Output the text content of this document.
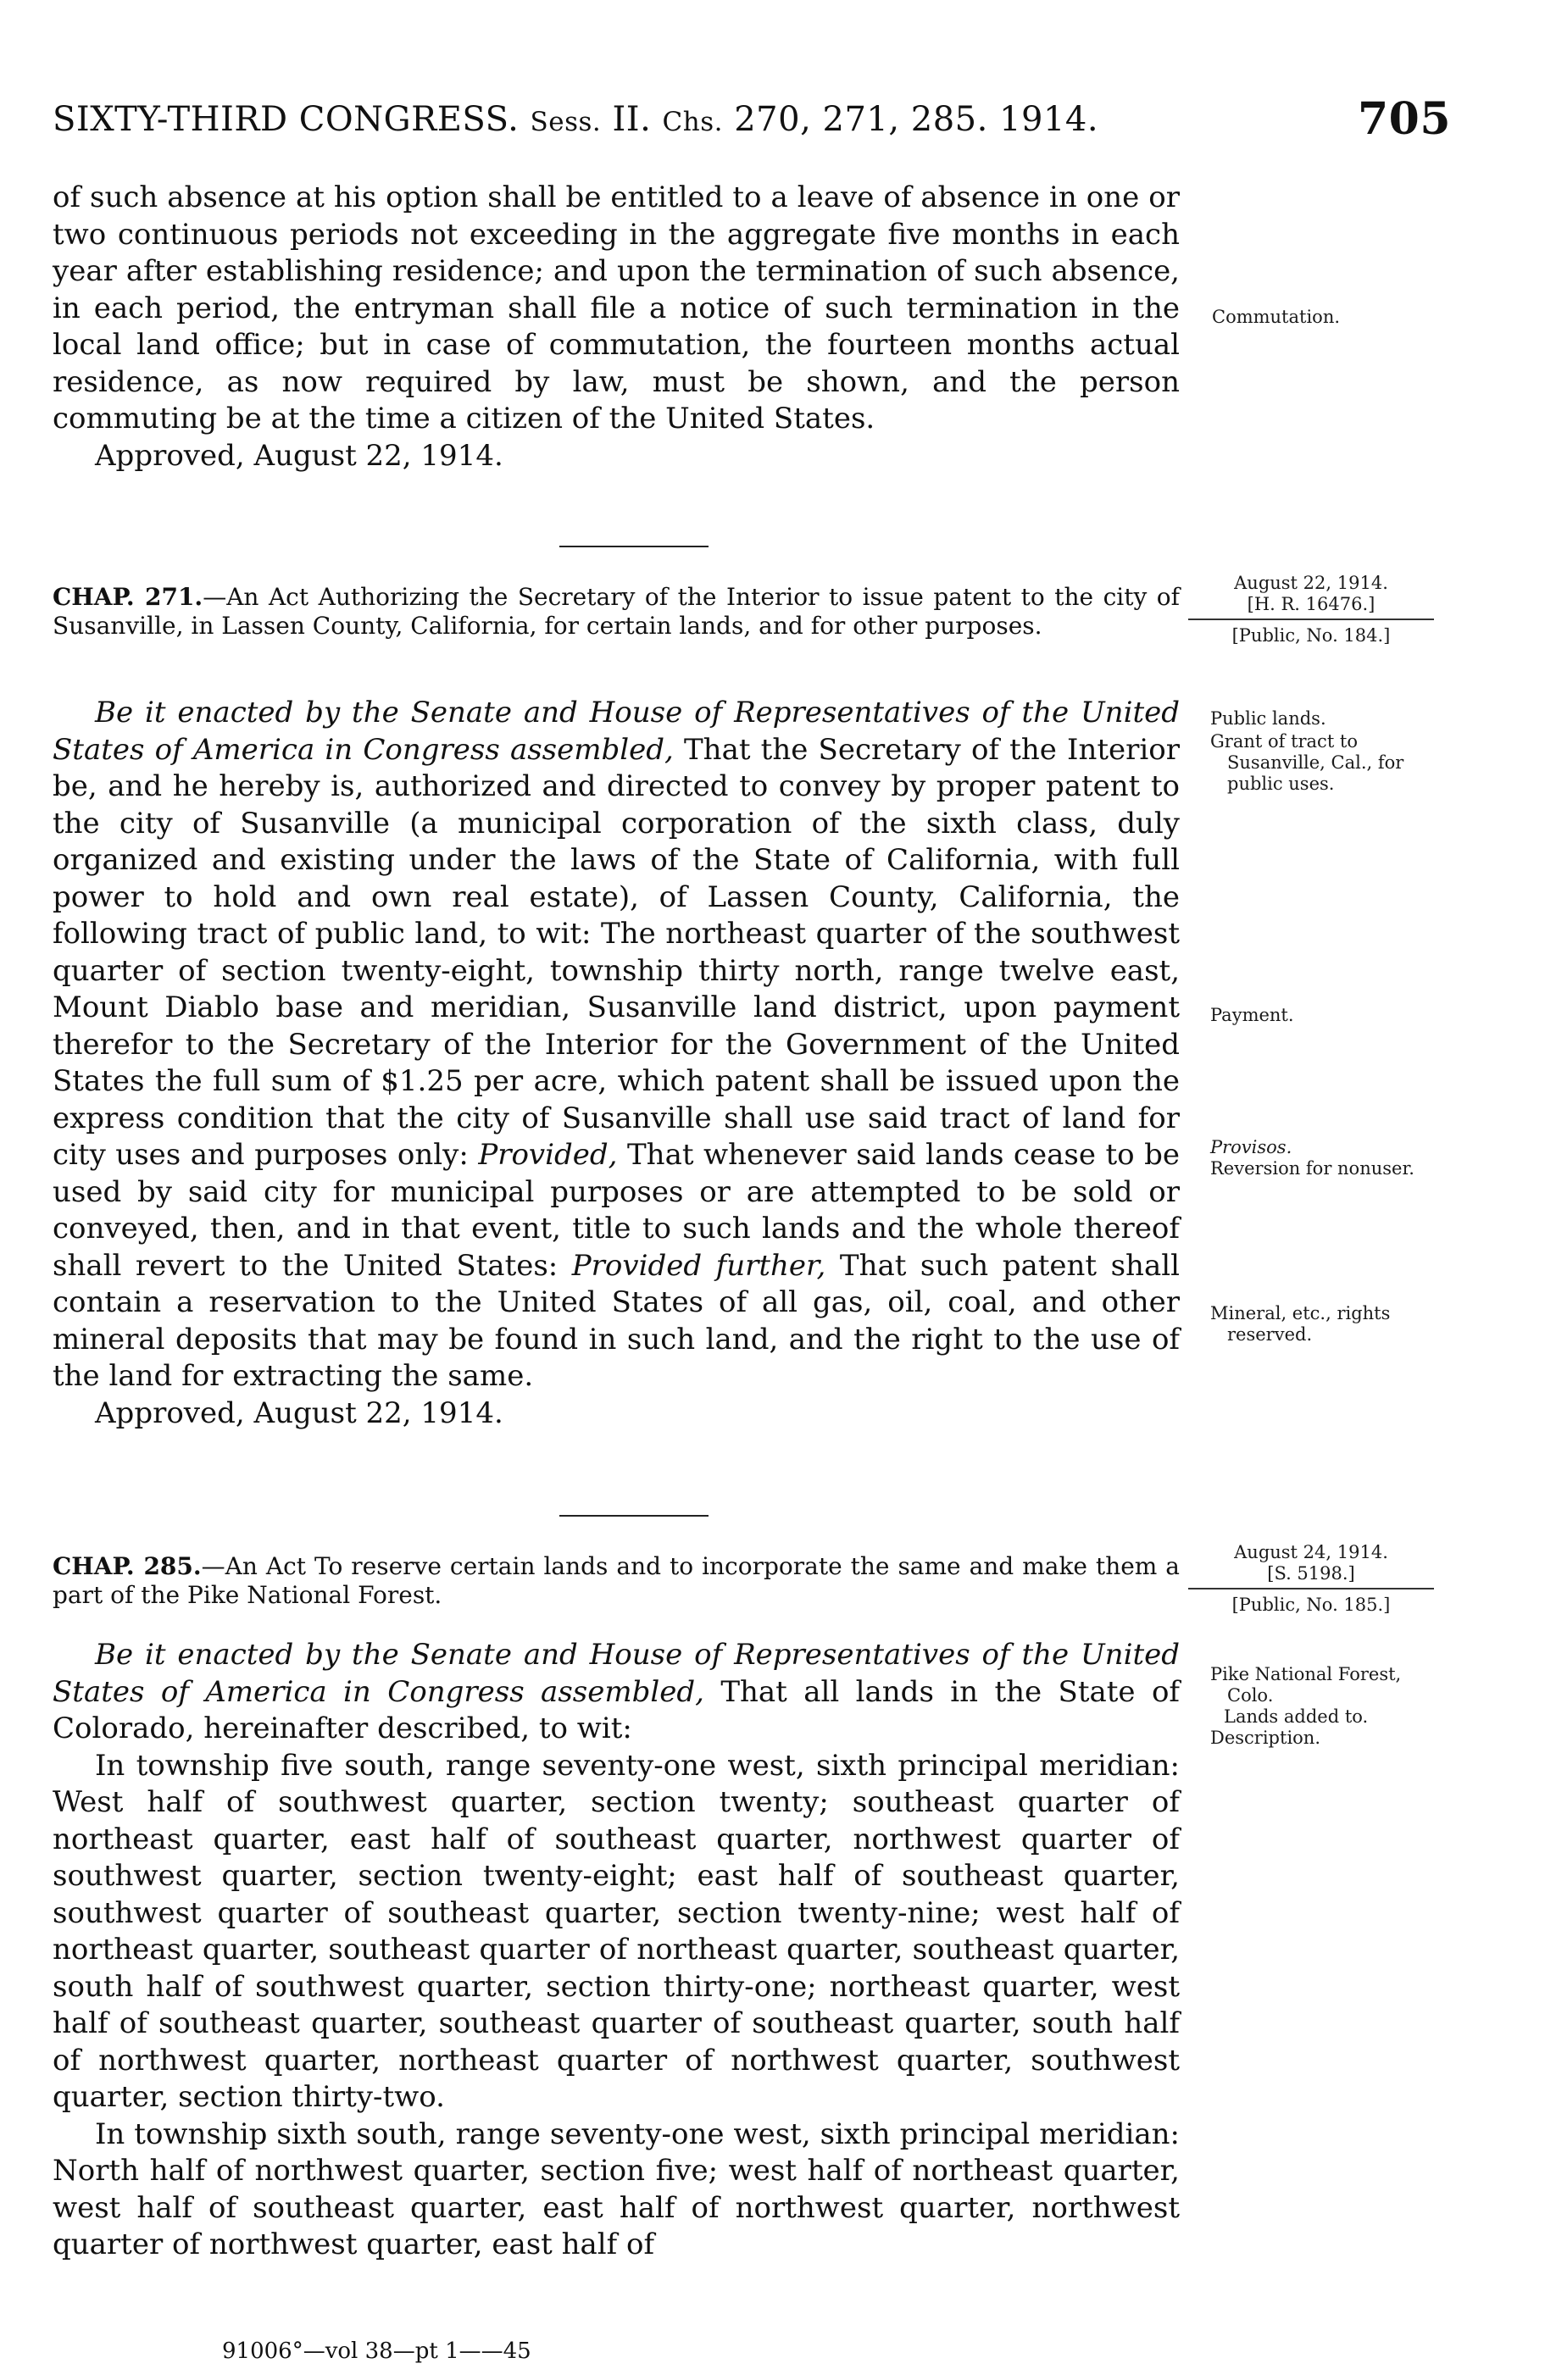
SIXTY-THIRD CONGRESS. Sess. II. Chs. 270, 271, 285. 1914.	705

of such absence at his option shall be entitled to a leave of absence in one or two continuous periods not exceeding in the aggregate five months in each year after establishing residence; and upon the termination of such absence, in each period, the entryman shall file a notice of such termination in the local land office; but in case of commutation, the fourteen months actual residence, as now required by law, must be shown, and the person commuting be at the time a citizen of the United States.

Approved, August 22, 1914.

Commutation.
CHAP. 271.—An Act Authorizing the Secretary of the Interior to issue patent to the city of Susanville, in Lassen County, California, for certain lands, and for other purposes.
August 22, 1914.
[H. R. 16476.]
[Public, No. 184.]

Be it enacted by the Senate and House of Representatives of the United States of America in Congress assembled, That the Secretary of the Interior be, and he hereby is, authorized and directed to convey by proper patent to the city of Susanville (a municipal corporation of the sixth class, duly organized and existing under the laws of the State of California, with full power to hold and own real estate), of Lassen County, California, the following tract of public land, to wit: The northeast quarter of the southwest quarter of section twenty-eight, township thirty north, range twelve east, Mount Diablo base and meridian, Susanville land district, upon payment therefor to the Secretary of the Interior for the Government of the United States the full sum of $1.25 per acre, which patent shall be issued upon the express condition that the city of Susanville shall use said tract of land for city uses and purposes only: Provided, That whenever said lands cease to be used by said city for municipal purposes or are attempted to be sold or conveyed, then, and in that event, title to such lands and the whole thereof shall revert to the United States: Provided further, That such patent shall contain a reservation to the United States of all gas, oil, coal, and other mineral deposits that may be found in such land, and the right to the use of the land for extracting the same.

Approved, August 22, 1914.

Public lands.
Grant of tract to Susanville, Cal., for public uses.
Payment.
Provisos.
Reversion for nonuser.
Mineral, etc., rights reserved.
CHAP. 285.—An Act To reserve certain lands and to incorporate the same and make them a part of the Pike National Forest.
August 24, 1914.
[S. 5198.]
[Public, No. 185.]

Be it enacted by the Senate and House of Representatives of the United States of America in Congress assembled, That all lands in the State of Colorado, hereinafter described, to wit:

In township five south, range seventy-one west, sixth principal meridian: West half of southwest quarter, section twenty; southeast quarter of northeast quarter, east half of southeast quarter, northwest quarter of southwest quarter, section twenty-eight; east half of southeast quarter, southwest quarter of southeast quarter, section twenty-nine; west half of northeast quarter, southeast quarter of northeast quarter, southeast quarter, south half of southwest quarter, section thirty-one; northeast quarter, west half of southeast quarter, southeast quarter of southeast quarter, south half of northwest quarter, northeast quarter of northwest quarter, southwest quarter, section thirty-two.

In township sixth south, range seventy-one west, sixth principal meridian: North half of northwest quarter, section five; west half of northeast quarter, west half of southeast quarter, east half of northwest quarter, northwest quarter of northwest quarter, east half of

Pike National Forest, Colo.
Lands added to.
Description.
91006°—vol 38—pt 1——45
